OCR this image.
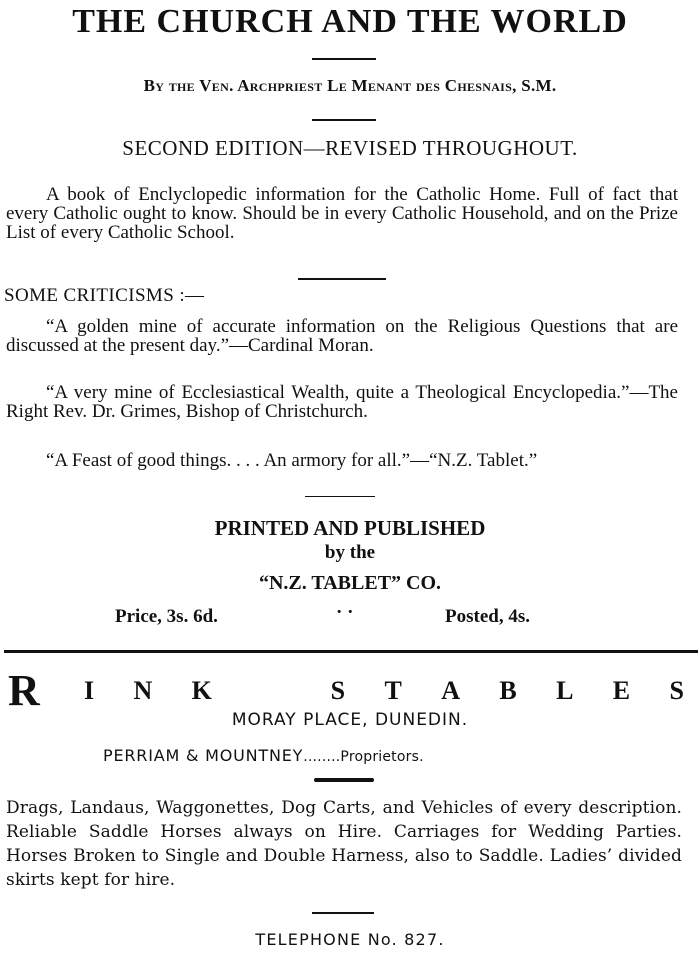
THE CHURCH AND THE WORLD
By the Ven. Archpriest Le Menant des Chesnais, S.M.
SECOND EDITION—REVISED THROUGHOUT.
A book of Enclyclopedic information for the Catholic Home. Full of fact that every Catholic ought to know. Should be in every Catholic Household, and on the Prize List of every Catholic School.
SOME CRITICISMS :—
“A golden mine of accurate information on the Religious Questions that are discussed at the present day.”—Cardinal Moran.
“A very mine of Ecclesiastical Wealth, quite a Theological Encyclopedia.”—The Right Rev. Dr. Grimes, Bishop of Christchurch.
“A Feast of good things. . . . An armory for all.”—“N.Z. Tablet.”
PRINTED AND PUBLISHED
by the
“N.Z. TABLET” CO.
Price, 3s. 6d.	· ·	Posted, 4s.
R I N K	S T A B L E S
MORAY PLACE, DUNEDIN.
PERRIAM & MOUNTNEY........Proprietors.
Drags, Landaus, Waggonettes, Dog Carts, and Vehicles of every description. Reliable Saddle Horses always on Hire. Carriages for Wedding Parties. Horses Broken to Single and Double Harness, also to Saddle. Ladies’ divided skirts kept for hire.
TELEPHONE No. 827.
